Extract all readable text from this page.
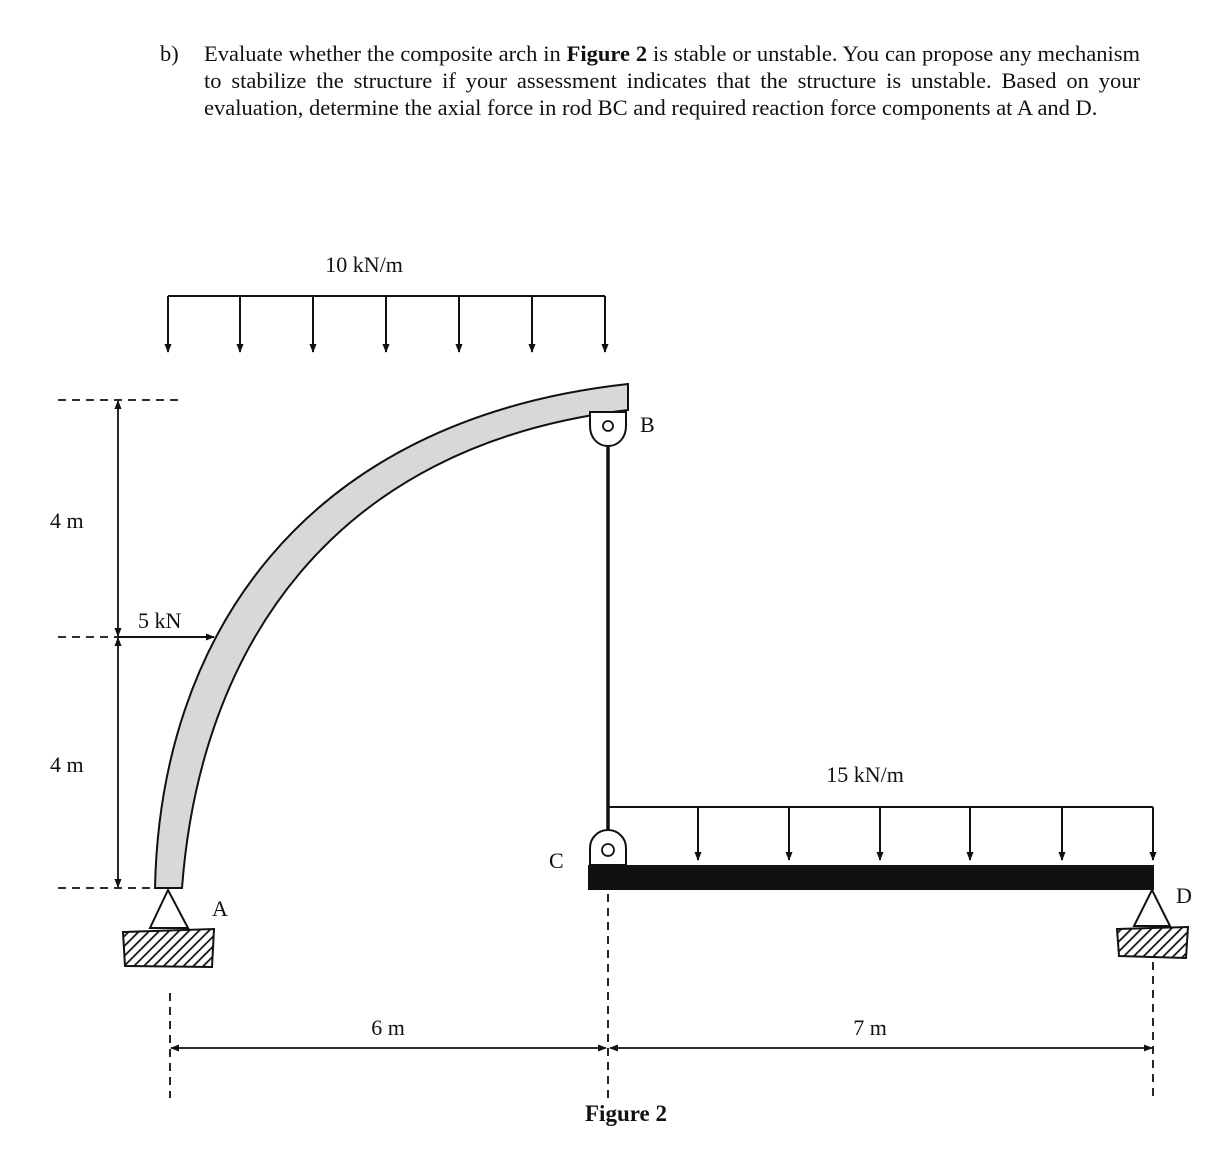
b) Evaluate whether the composite arch in Figure 2 is stable or unstable. You can propose any mechanism to stabilize the structure if your assessment indicates that the structure is unstable. Based on your evaluation, determine the axial force in rod BC and required reaction force components at A and D.
10 kN/m
15 kN/m
5 kN
4 m
4 m
6 m	7 m
A
B
C
D
Figure 2
